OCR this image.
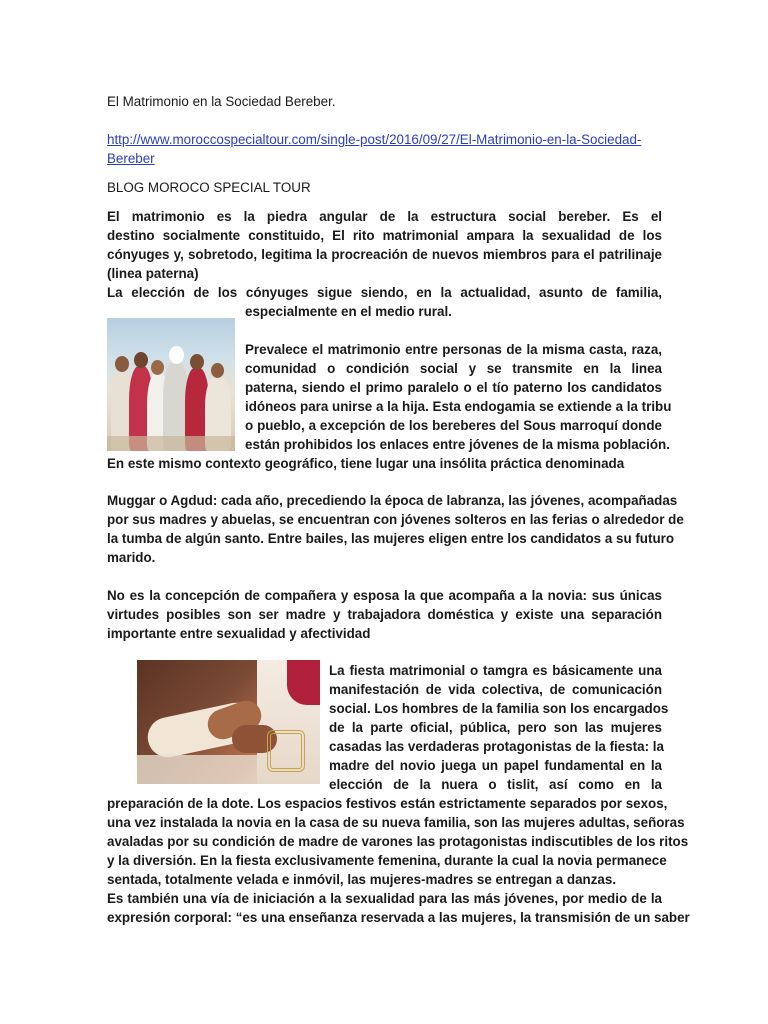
El Matrimonio en la Sociedad Bereber.
http://www.moroccospecialtour.com/single-post/2016/09/27/El-Matrimonio-en-la-Sociedad-Bereber
BLOG MOROCO SPECIAL TOUR
El matrimonio es la piedra angular de la estructura social bereber. Es el
destino socialmente constituido, El rito matrimonial ampara la sexualidad de los
cónyuges y, sobretodo, legitima la procreación de nuevos miembros para el patrilinaje
(linea paterna)
La elección de los cónyuges sigue siendo, en la actualidad, asunto de familia,
especialmente en el medio rural.
Prevalece el matrimonio entre personas de la misma casta, raza,
comunidad o condición social y se transmite en la linea
paterna, siendo el primo paralelo o el tío paterno los candidatos
idóneos para unirse a la hija. Esta endogamia se extiende a la tribu
o pueblo, a excepción de los bereberes del Sous marroquí donde
están prohibidos los enlaces entre jóvenes de la misma población.
En este mismo contexto geográfico, tiene lugar una insólita práctica denominada
Muggar o Agdud: cada año, precediendo la época de labranza, las jóvenes, acompañadas
por sus madres y abuelas, se encuentran con jóvenes solteros en las ferias o alrededor de
la tumba de algún santo. Entre bailes, las mujeres eligen entre los candidatos a su futuro
marido.
No es la concepción de compañera y esposa la que acompaña a la novia: sus únicas
virtudes posibles son ser madre y trabajadora doméstica y existe una separación
importante entre sexualidad y afectividad
La fiesta matrimonial o tamgra es básicamente una
manifestación de vida colectiva, de comunicación
social. Los hombres de la familia son los encargados
de la parte oficial, pública, pero son las mujeres
casadas las verdaderas protagonistas de la fiesta: la
madre del novio juega un papel fundamental en la
elección de la nuera o tislit, así como en la
preparación de la dote. Los espacios festivos están estrictamente separados por sexos,
una vez instalada la novia en la casa de su nueva familia, son las mujeres adultas, señoras
avaladas por su condición de madre de varones las protagonistas indiscutibles de los ritos
y la diversión. En la fiesta exclusivamente femenina, durante la cual la novia permanece
sentada, totalmente velada e inmóvil, las mujeres-madres se entregan a danzas.
Es también una vía de iniciación a la sexualidad para las más jóvenes, por medio de la
expresión corporal: “es una enseñanza reservada a las mujeres, la transmisión de un saber
